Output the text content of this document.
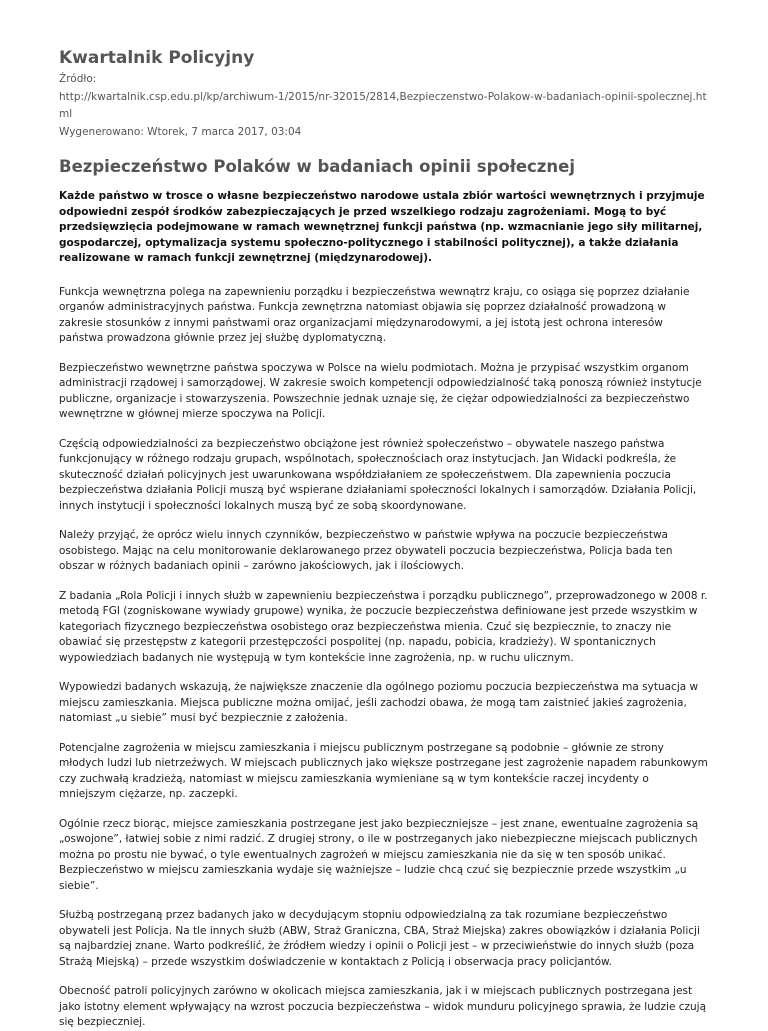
Kwartalnik Policyjny
Źródło:
http://kwartalnik.csp.edu.pl/kp/archiwum-1/2015/nr-32015/2814,Bezpieczenstwo-Polakow-w-badaniach-opinii-spolecznej.html
Wygenerowano: Wtorek, 7 marca 2017, 03:04
Bezpieczeństwo Polaków w badaniach opinii społecznej

Każde państwo w trosce o własne bezpieczeństwo narodowe ustala zbiór wartości wewnętrznych i przyjmuje odpowiedni zespół środków zabezpieczających je przed wszelkiego rodzaju zagrożeniami. Mogą to być przedsięwzięcia podejmowane w ramach wewnętrznej funkcji państwa (np. wzmacnianie jego siły militarnej, gospodarczej, optymalizacja systemu społeczno-politycznego i stabilności politycznej), a także działania realizowane w ramach funkcji zewnętrznej (międzynarodowej).

Funkcja wewnętrzna polega na zapewnieniu porządku i bezpieczeństwa wewnątrz kraju, co osiąga się poprzez działanie organów administracyjnych państwa. Funkcja zewnętrzna natomiast objawia się poprzez działalność prowadzoną w zakresie stosunków z innymi państwami oraz organizacjami międzynarodowymi, a jej istotą jest ochrona interesów państwa prowadzona głównie przez jej służbę dyplomatyczną.

Bezpieczeństwo wewnętrzne państwa spoczywa w Polsce na wielu podmiotach. Można je przypisać wszystkim organom administracji rządowej i samorządowej. W zakresie swoich kompetencji odpowiedzialność taką ponoszą również instytucje publiczne, organizacje i stowarzyszenia. Powszechnie jednak uznaje się, że ciężar odpowiedzialności za bezpieczeństwo wewnętrzne w głównej mierze spoczywa na Policji.

Częścią odpowiedzialności za bezpieczeństwo obciążone jest również społeczeństwo – obywatele naszego państwa funkcjonujący w różnego rodzaju grupach, wspólnotach, społecznościach oraz instytucjach. Jan Widacki podkreśla, że skuteczność działań policyjnych jest uwarunkowana współdziałaniem ze społeczeństwem. Dla zapewnienia poczucia bezpieczeństwa działania Policji muszą być wspierane działaniami społeczności lokalnych i samorządów. Działania Policji, innych instytucji i społeczności lokalnych muszą być ze sobą skoordynowane.

Należy przyjąć, że oprócz wielu innych czynników, bezpieczeństwo w państwie wpływa na poczucie bezpieczeństwa osobistego. Mając na celu monitorowanie deklarowanego przez obywateli poczucia bezpieczeństwa, Policja bada ten obszar w różnych badaniach opinii – zarówno jakościowych, jak i ilościowych.

Z badania „Rola Policji i innych służb w zapewnieniu bezpieczeństwa i porządku publicznego”, przeprowadzonego w 2008 r. metodą FGI (zogniskowane wywiady grupowe) wynika, że poczucie bezpieczeństwa definiowane jest przede wszystkim w kategoriach fizycznego bezpieczeństwa osobistego oraz bezpieczeństwa mienia. Czuć się bezpiecznie, to znaczy nie obawiać się przestępstw z kategorii przestępczości pospolitej (np. napadu, pobicia, kradzieży). W spontanicznych wypowiedziach badanych nie występują w tym kontekście inne zagrożenia, np. w ruchu ulicznym.

Wypowiedzi badanych wskazują, że największe znaczenie dla ogólnego poziomu poczucia bezpieczeństwa ma sytuacja w miejscu zamieszkania. Miejsca publiczne można omijać, jeśli zachodzi obawa, że mogą tam zaistnieć jakieś zagrożenia, natomiast „u siebie” musi być bezpiecznie z założenia.

Potencjalne zagrożenia w miejscu zamieszkania i miejscu publicznym postrzegane są podobnie – głównie ze strony młodych ludzi lub nietrzeźwych. W miejscach publicznych jako większe postrzegane jest zagrożenie napadem rabunkowym czy zuchwałą kradzieżą, natomiast w miejscu zamieszkania wymieniane są w tym kontekście raczej incydenty o mniejszym ciężarze, np. zaczepki.

Ogólnie rzecz biorąc, miejsce zamieszkania postrzegane jest jako bezpieczniejsze – jest znane, ewentualne zagrożenia są „oswojone”, łatwiej sobie z nimi radzić. Z drugiej strony, o ile w postrzeganych jako niebezpieczne miejscach publicznych można po prostu nie bywać, o tyle ewentualnych zagrożeń w miejscu zamieszkania nie da się w ten sposób unikać. Bezpieczeństwo w miejscu zamieszkania wydaje się ważniejsze – ludzie chcą czuć się bezpiecznie przede wszystkim „u siebie”.

Służbą postrzeganą przez badanych jako w decydującym stopniu odpowiedzialną za tak rozumiane bezpieczeństwo obywateli jest Policja. Na tle innych służb (ABW, Straż Graniczna, CBA, Straż Miejska) zakres obowiązków i działania Policji są najbardziej znane. Warto podkreślić, że źródłem wiedzy i opinii o Policji jest – w przeciwieństwie do innych służb (poza Strażą Miejską) – przede wszystkim doświadczenie w kontaktach z Policją i obserwacja pracy policjantów.

Obecność patroli policyjnych zarówno w okolicach miejsca zamieszkania, jak i w miejscach publicznych postrzegana jest jako istotny element wpływający na wzrost poczucia bezpieczeństwa – widok munduru policyjnego sprawia, że ludzie czują się bezpieczniej.
